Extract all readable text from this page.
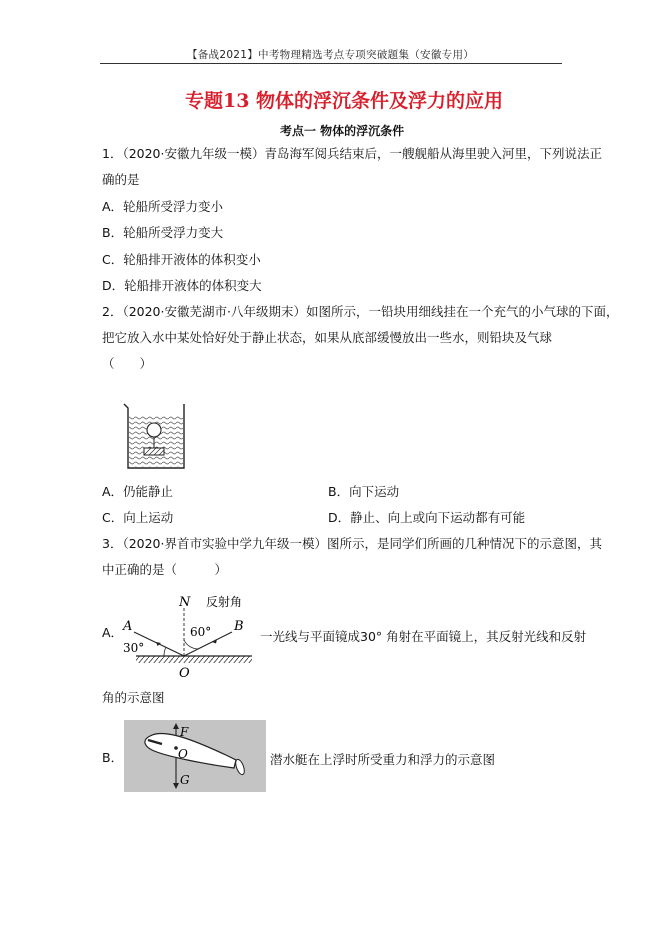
【备战2021】中考物理精选考点专项突破题集（安徽专用）
专题13 物体的浮沉条件及浮力的应用
考点一 物体的浮沉条件
1．（2020·安徽九年级一模）青岛海军阅兵结束后，一艘舰船从海里驶入河里，下列说法正
确的是
A．轮船所受浮力变小
B．轮船所受浮力变大
C．轮船排开液体的体积变小
D．轮船排开液体的体积变大
2．（2020·安徽芜湖市·八年级期末）如图所示，一铅块用细线挂在一个充气的小气球的下面，
把它放入水中某处恰好处于静止状态，如果从底部缓慢放出一些水，则铅块及气球
（　　）
A．仍能静止	B．向下运动
C．向上运动	D．静止、向上或向下运动都有可能
3．（2020·界首市实验中学九年级一模）图所示，是同学们所画的几种情况下的示意图，其
中正确的是（　　　）
A．
N
A	B
O
30°
60°
反射角
一光线与平面镜成30° 角射在平面镜上，其反射光线和反射
角的示意图
B．
F
O
G
潜水艇在上浮时所受重力和浮力的示意图
